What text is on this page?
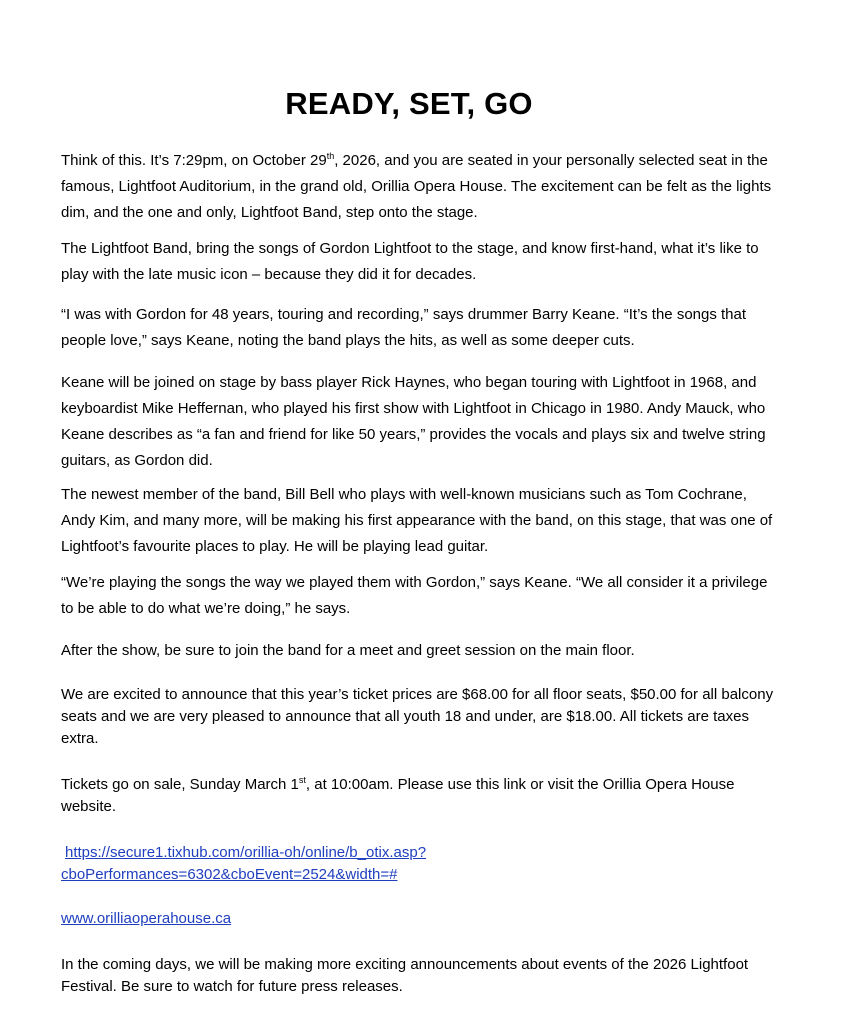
READY, SET, GO

Think of this. It’s 7:29pm, on October 29th, 2026, and you are seated in your personally selected seat in the famous, Lightfoot Auditorium, in the grand old, Orillia Opera House. The excitement can be felt as the lights dim, and the one and only, Lightfoot Band, step onto the stage.

The Lightfoot Band, bring the songs of Gordon Lightfoot to the stage, and know first-hand, what it’s like to play with the late music icon – because they did it for decades.

“I was with Gordon for 48 years, touring and recording,” says drummer Barry Keane. “It’s the songs that people love,” says Keane, noting the band plays the hits, as well as some deeper cuts.

Keane will be joined on stage by bass player Rick Haynes, who began touring with Lightfoot in 1968, and keyboardist Mike Heffernan, who played his first show with Lightfoot in Chicago in 1980. Andy Mauck, who Keane describes as “a fan and friend for like 50 years,” provides the vocals and plays six and twelve string guitars, as Gordon did.

The newest member of the band, Bill Bell who plays with well-known musicians such as Tom Cochrane, Andy Kim, and many more, will be making his first appearance with the band, on this stage, that was one of Lightfoot’s favourite places to play. He will be playing lead guitar.

“We’re playing the songs the way we played them with Gordon,” says Keane. “We all consider it a privilege to be able to do what we’re doing,” he says.

After the show, be sure to join the band for a meet and greet session on the main floor.

We are excited to announce that this year’s ticket prices are $68.00 for all floor seats, $50.00 for all balcony seats and we are very pleased to announce that all youth 18 and under, are $18.00. All tickets are taxes extra.

Tickets go on sale, Sunday March 1st, at 10:00am. Please use this link or visit the Orillia Opera House website.

https://secure1.tixhub.com/orillia-oh/online/b_otix.asp?
cboPerformances=6302&cboEvent=2524&width=#

www.orilliaoperahouse.ca

In the coming days, we will be making more exciting announcements about events of the 2026 Lightfoot Festival. Be sure to watch for future press releases.
